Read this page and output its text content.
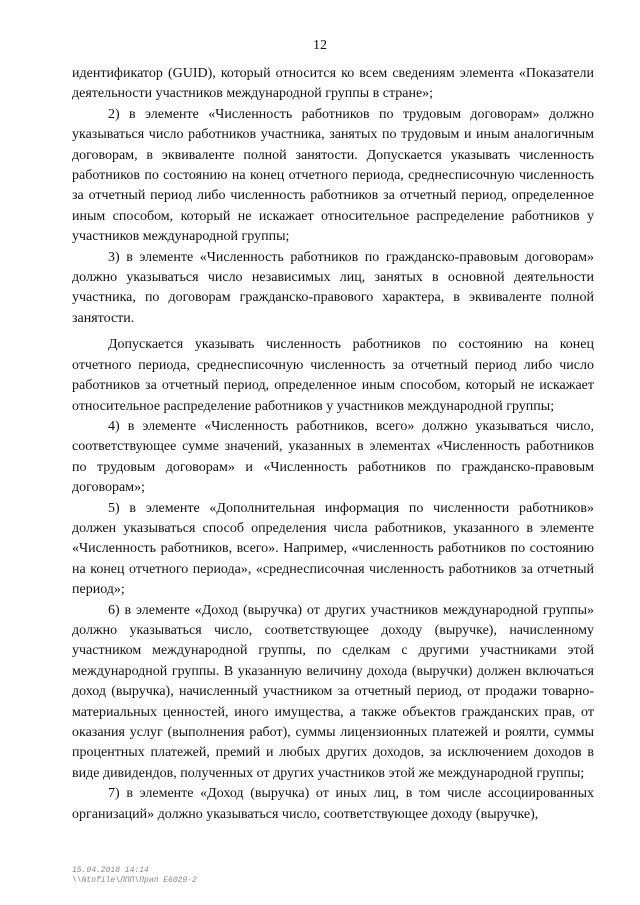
12

идентификатор (GUID), который относится ко всем сведениям элемента «Показатели деятельности участников международной группы в стране»;

2) в элементе «Численность работников по трудовым договорам» должно указываться число работников участника, занятых по трудовым и иным аналогичным договорам, в эквиваленте полной занятости. Допускается указывать численность работников по состоянию на конец отчетного периода, среднесписочную численность за отчетный период либо численность работников за отчетный период, определенное иным способом, который не искажает относительное распределение работников у участников международной группы;

3) в элементе «Численность работников по гражданско-правовым договорам» должно указываться число независимых лиц, занятых в основной деятельности участника, по договорам гражданско-правового характера, в эквиваленте полной занятости.

Допускается указывать численность работников по состоянию на конец отчетного периода, среднесписочную численность за отчетный период либо число работников за отчетный период, определенное иным способом, который не искажает относительное распределение работников у участников международной группы;

4) в элементе «Численность работников, всего» должно указываться число, соответствующее сумме значений, указанных в элементах «Численность работников по трудовым договорам» и «Численность работников по гражданско-правовым договорам»;

5) в элементе «Дополнительная информация по численности работников» должен указываться способ определения числа работников, указанного в элементе «Численность работников, всего». Например, «численность работников по состоянию на конец отчетного периода», «среднесписочная численность работников за отчетный период»;

6) в элементе «Доход (выручка) от других участников международной группы» должно указываться число, соответствующее доходу (выручке), начисленному участником международной группы, по сделкам с другими участниками этой международной группы. В указанную величину дохода (выручки) должен включаться доход (выручка), начисленный участником за отчетный период, от продажи товарно-материальных ценностей, иного имущества, а также объектов гражданских прав, от оказания услуг (выполнения работ), суммы лицензионных платежей и роялти, суммы процентных платежей, премий и любых других доходов, за исключением доходов в виде дивидендов, полученных от других участников этой же международной группы;

7) в элементе «Доход (выручка) от иных лиц, в том числе ассоциированных организаций» должно указываться число, соответствующее доходу (выручке),

15.04.2018 14:14
\\Ntnfile\ЛПП\Прил Е6029-2
